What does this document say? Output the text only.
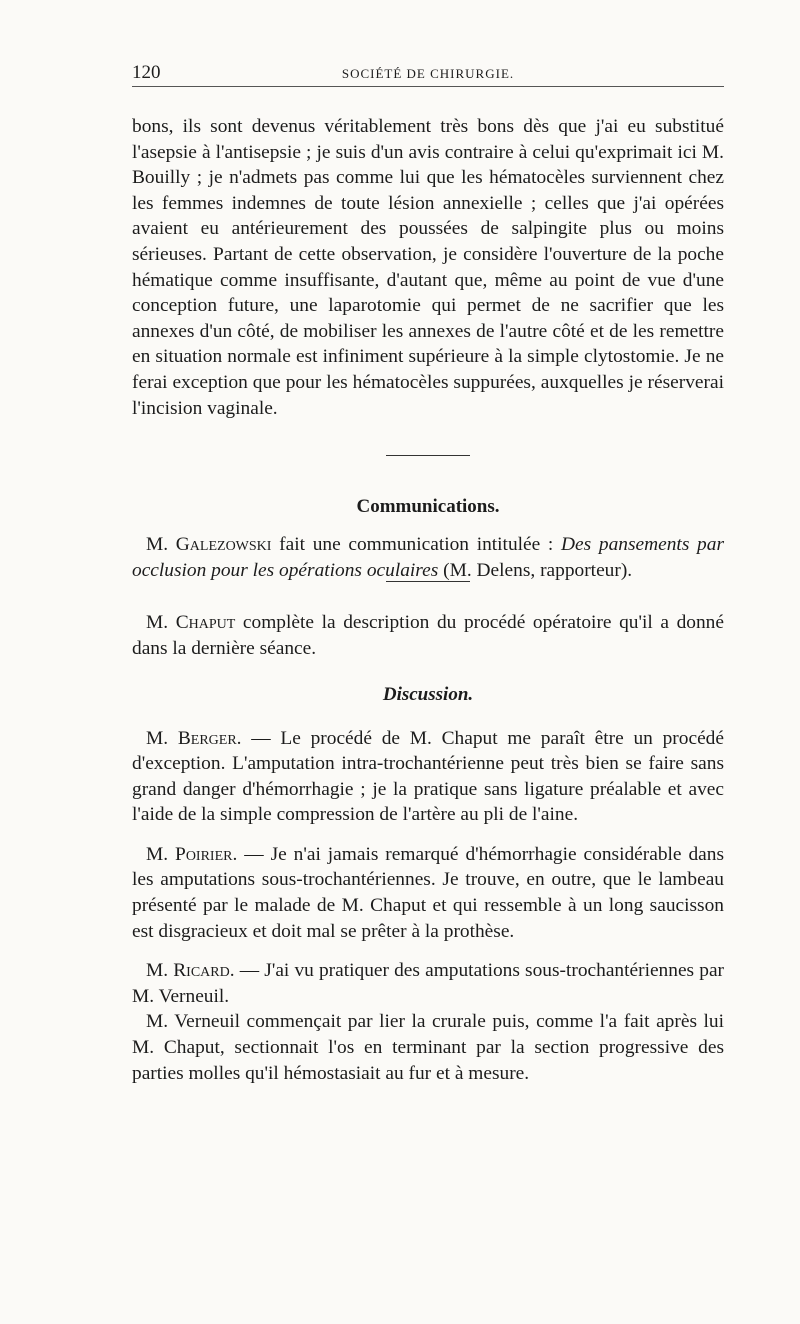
120	SOCIÉTÉ DE CHIRURGIE.

bons, ils sont devenus véritablement très bons dès que j'ai eu substitué l'asepsie à l'antisepsie ; je suis d'un avis contraire à celui qu'exprimait ici M. Bouilly ; je n'admets pas comme lui que les hématocèles surviennent chez les femmes indemnes de toute lésion annexielle ; celles que j'ai opérées avaient eu antérieurement des poussées de salpingite plus ou moins sérieuses. Partant de cette observation, je considère l'ouverture de la poche hématique comme insuffisante, d'autant que, même au point de vue d'une conception future, une laparotomie qui permet de ne sacrifier que les annexes d'un côté, de mobiliser les annexes de l'autre côté et de les remettre en situation normale est infiniment supérieure à la simple clytostomie. Je ne ferai exception que pour les hématocèles suppurées, auxquelles je réserverai l'incision vaginale.

Communications.

M. Galezowski fait une communication intitulée : Des pansements par occlusion pour les opérations oculaires (M. Delens, rapporteur).

M. Chaput complète la description du procédé opératoire qu'il a donné dans la dernière séance.

Discussion.

M. Berger. — Le procédé de M. Chaput me paraît être un procédé d'exception. L'amputation intra-trochantérienne peut très bien se faire sans grand danger d'hémorrhagie ; je la pratique sans ligature préalable et avec l'aide de la simple compression de l'artère au pli de l'aine.

M. Poirier. — Je n'ai jamais remarqué d'hémorrhagie considérable dans les amputations sous-trochantériennes. Je trouve, en outre, que le lambeau présenté par le malade de M. Chaput et qui ressemble à un long saucisson est disgracieux et doit mal se prêter à la prothèse.

M. Ricard. — J'ai vu pratiquer des amputations sous-trochantériennes par M. Verneuil.

M. Verneuil commençait par lier la crurale puis, comme l'a fait après lui M. Chaput, sectionnait l'os en terminant par la section progressive des parties molles qu'il hémostasiait au fur et à mesure.
